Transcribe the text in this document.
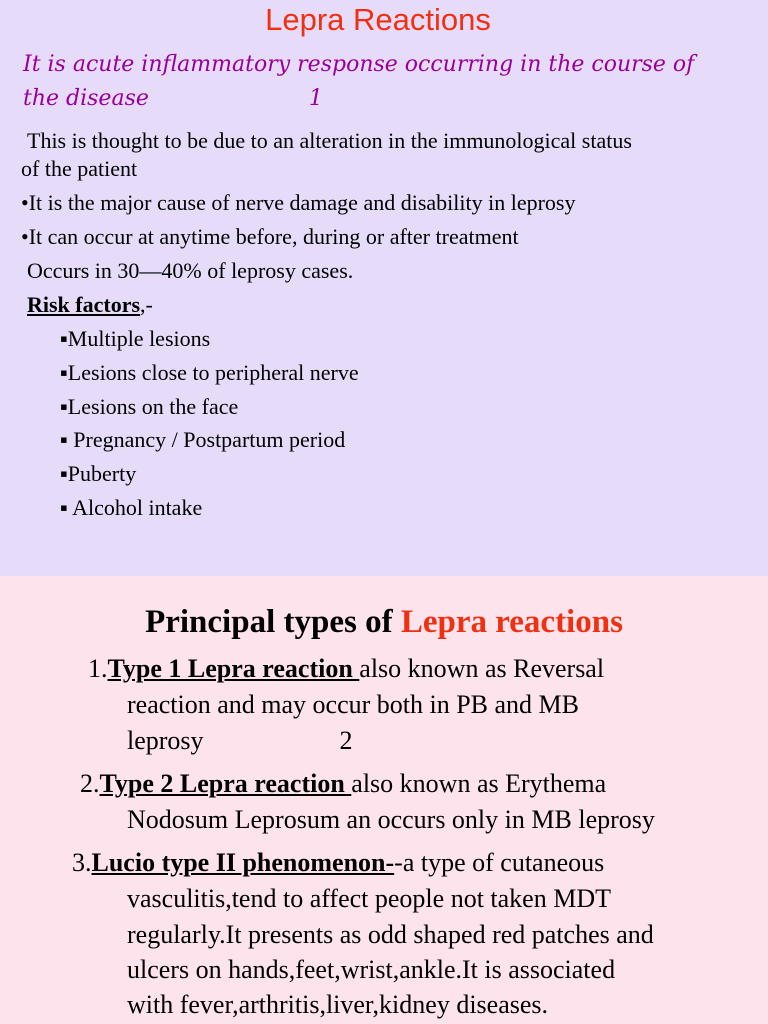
Lepra Reactions
It is acute inflammatory response occurring in the course of
the disease	1
This is thought to be due to an alteration in the immunological status
of the patient
•It is the major cause of nerve damage and disability in leprosy
•It can occur at anytime before, during or after treatment
Occurs in 30—40% of leprosy cases.
Risk factors,-
▪Multiple lesions
▪Lesions close to peripheral nerve
▪Lesions on the face
▪ Pregnancy / Postpartum period
▪Puberty
▪ Alcohol intake
Principal types of Lepra reactions
1.Type 1 Lepra reaction also known as Reversal
reaction and may occur both in PB and MB
leprosy	2
2.Type 2 Lepra reaction also known as Erythema
Nodosum Leprosum an occurs only in MB leprosy
3.Lucio type II phenomenon--a type of cutaneous
vasculitis,tend to affect people not taken MDT
regularly.It presents as odd shaped red patches and
ulcers on hands,feet,wrist,ankle.It is associated
with fever,arthritis,liver,kidney diseases.
